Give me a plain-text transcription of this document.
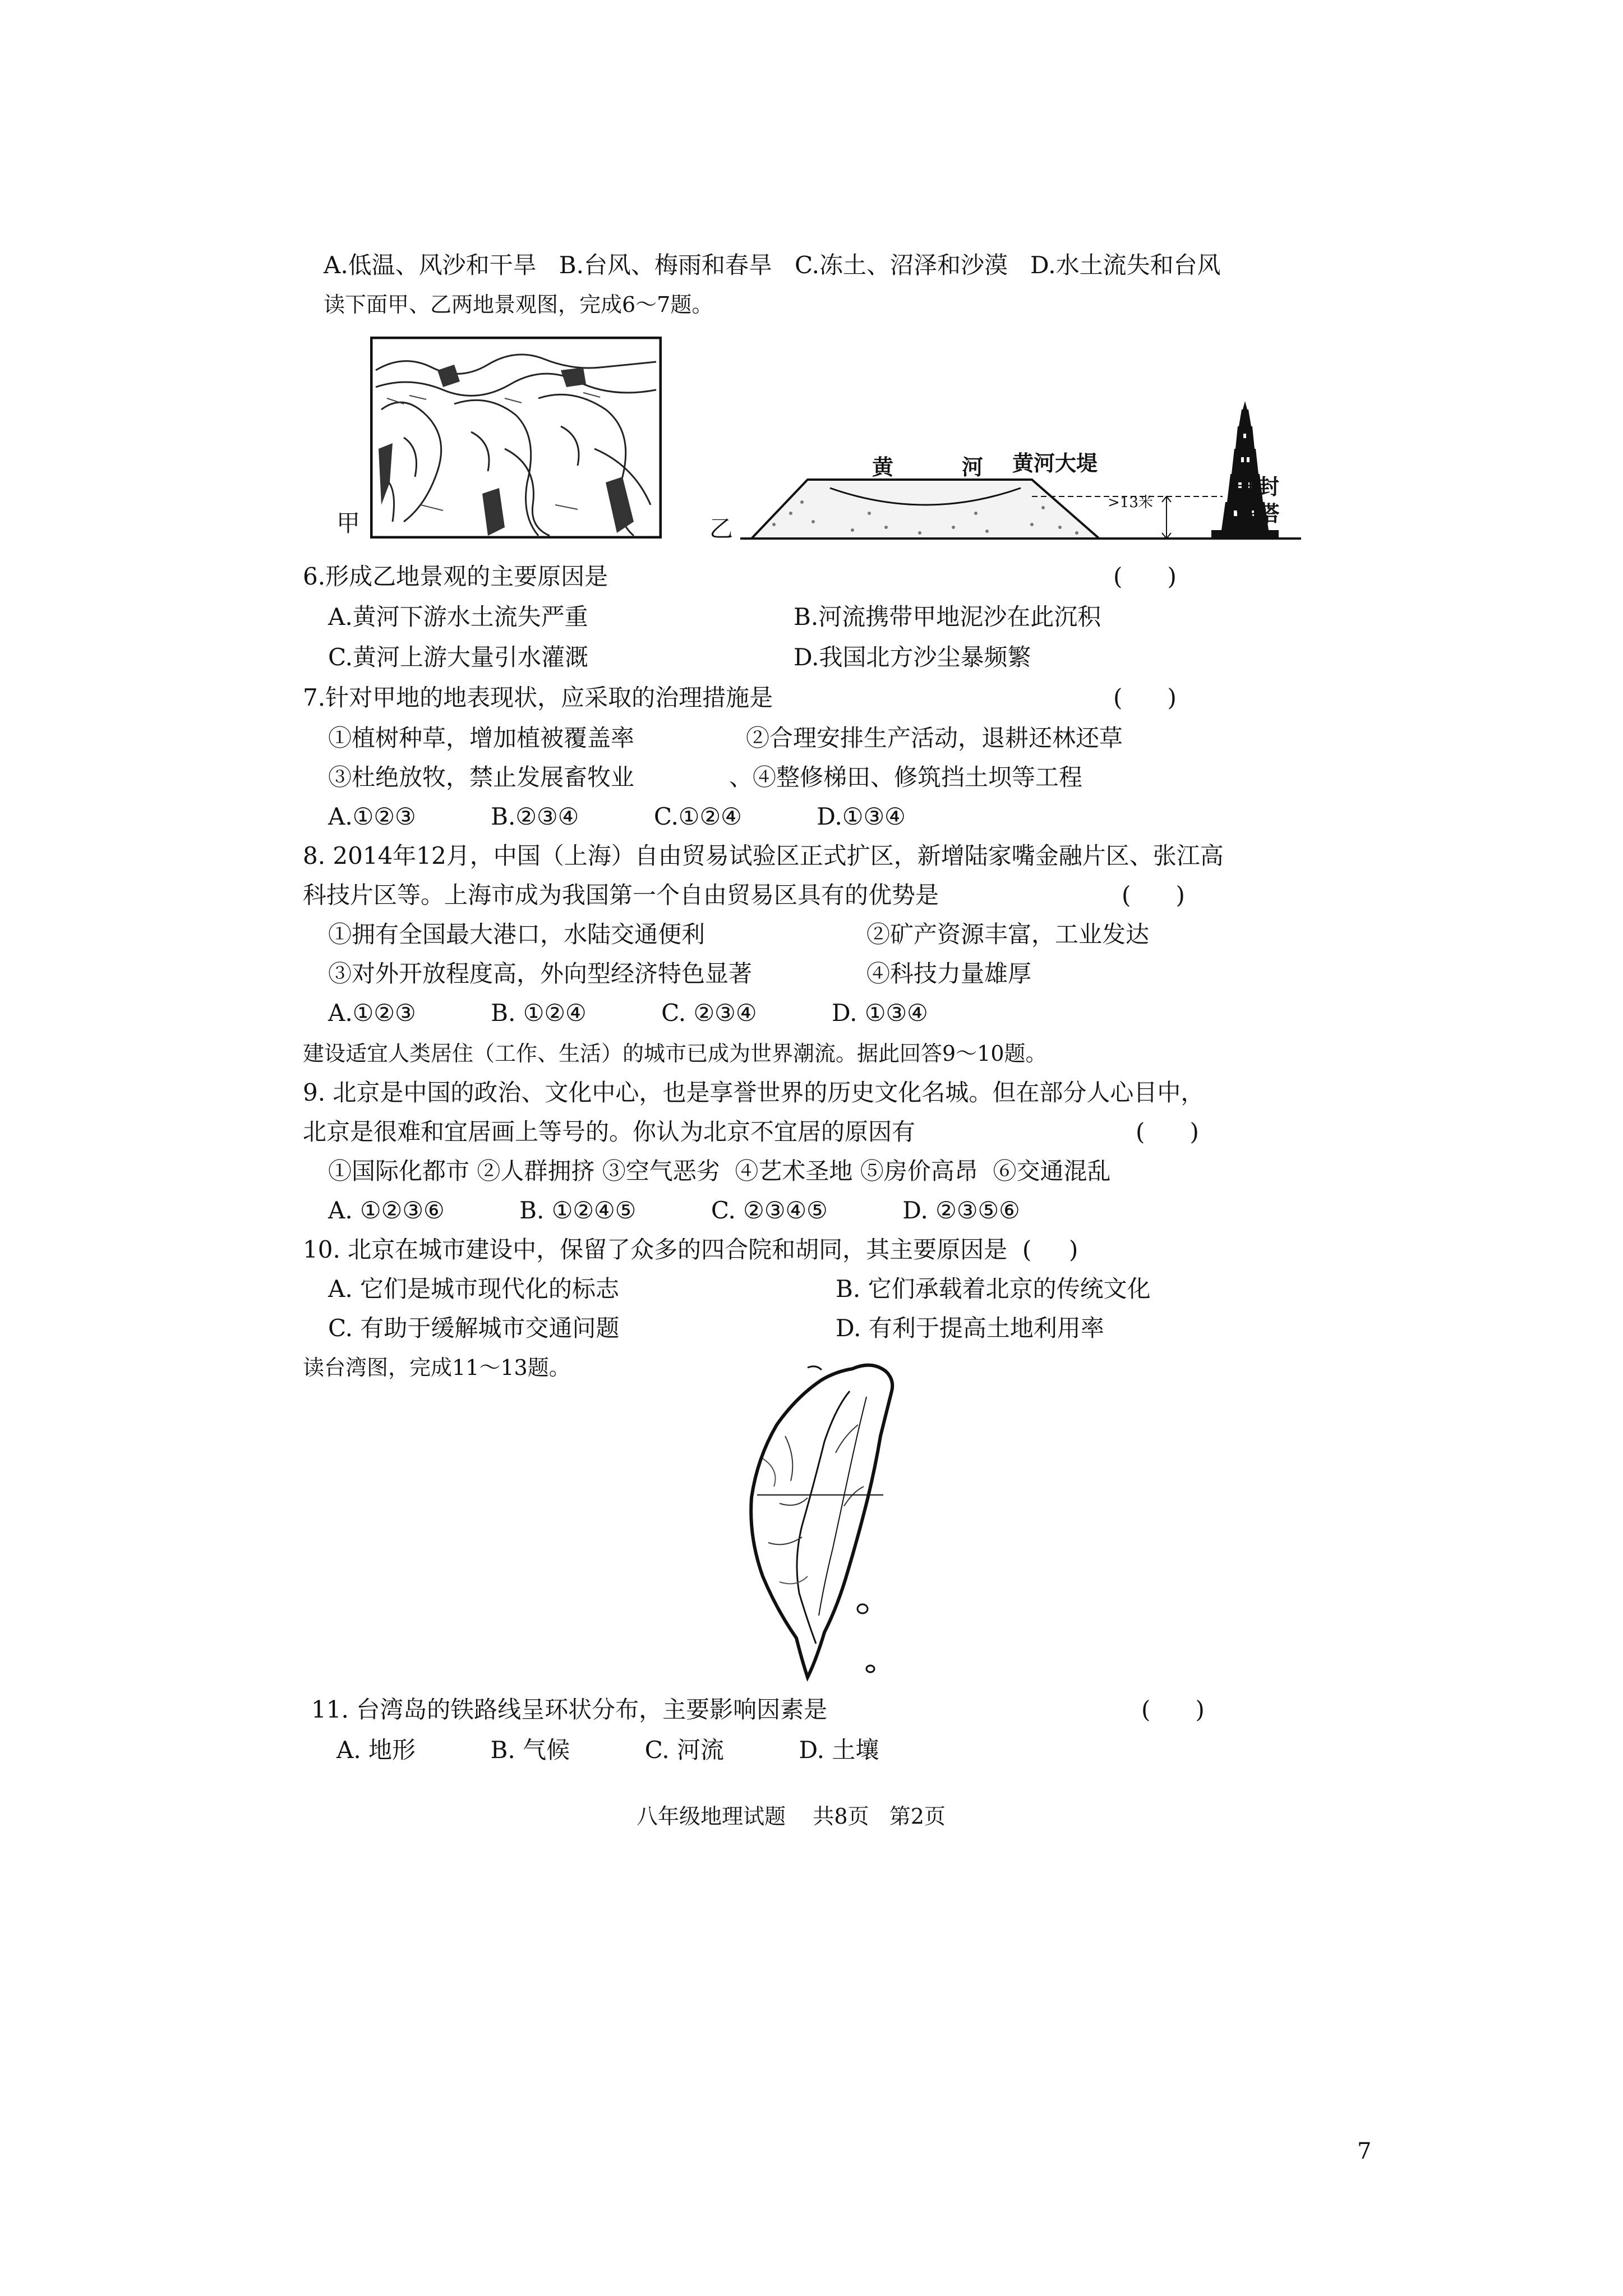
A.低温、风沙和干旱   B.台风、梅雨和春旱   C.冻土、沼泽和沙漠   D.水土流失和台风
读下面甲、乙两地景观图，完成6～7题。
甲	乙
黄	河 黄河大堤
>13米
开封
铁塔
6.形成乙地景观的主要原因是	(      )
A.黄河下游水土流失严重	B.河流携带甲地泥沙在此沉积
C.黄河上游大量引水灌溉	D.我国北方沙尘暴频繁
7.针对甲地的地表现状，应采取的治理措施是	(      )
①植树种草，增加植被覆盖率	②合理安排生产活动，退耕还林还草
③杜绝放牧，禁止发展畜牧业	、④整修梯田、修筑挡土坝等工程
A.①②③          B.②③④          C.①②④          D.①③④
8. 2014年12月，中国（上海）自由贸易试验区正式扩区，新增陆家嘴金融片区、张江高
科技片区等。上海市成为我国第一个自由贸易区具有的优势是	(      )
①拥有全国最大港口，水陆交通便利	②矿产资源丰富，工业发达
③对外开放程度高，外向型经济特色显著	④科技力量雄厚
A.①②③          B. ①②④          C. ②③④          D. ①③④
建设适宜人类居住（工作、生活）的城市已成为世界潮流。据此回答9～10题。
9. 北京是中国的政治、文化中心，也是享誉世界的历史文化名城。但在部分人心目中，
北京是很难和宜居画上等号的。你认为北京不宜居的原因有	(      )
①国际化都市 ②人群拥挤 ③空气恶劣  ④艺术圣地 ⑤房价高昂  ⑥交通混乱
A. ①②③⑥          B. ①②④⑤          C. ②③④⑤          D. ②③⑤⑥
10. 北京在城市建设中，保留了众多的四合院和胡同，其主要原因是  (     )
A. 它们是城市现代化的标志	B. 它们承载着北京的传统文化
C. 有助于缓解城市交通问题	D. 有利于提高土地利用率
读台湾图，完成11～13题。
11. 台湾岛的铁路线呈环状分布，主要影响因素是	(      )
A. 地形          B. 气候          C. 河流          D. 土壤
八年级地理试题    共8页   第2页
7
